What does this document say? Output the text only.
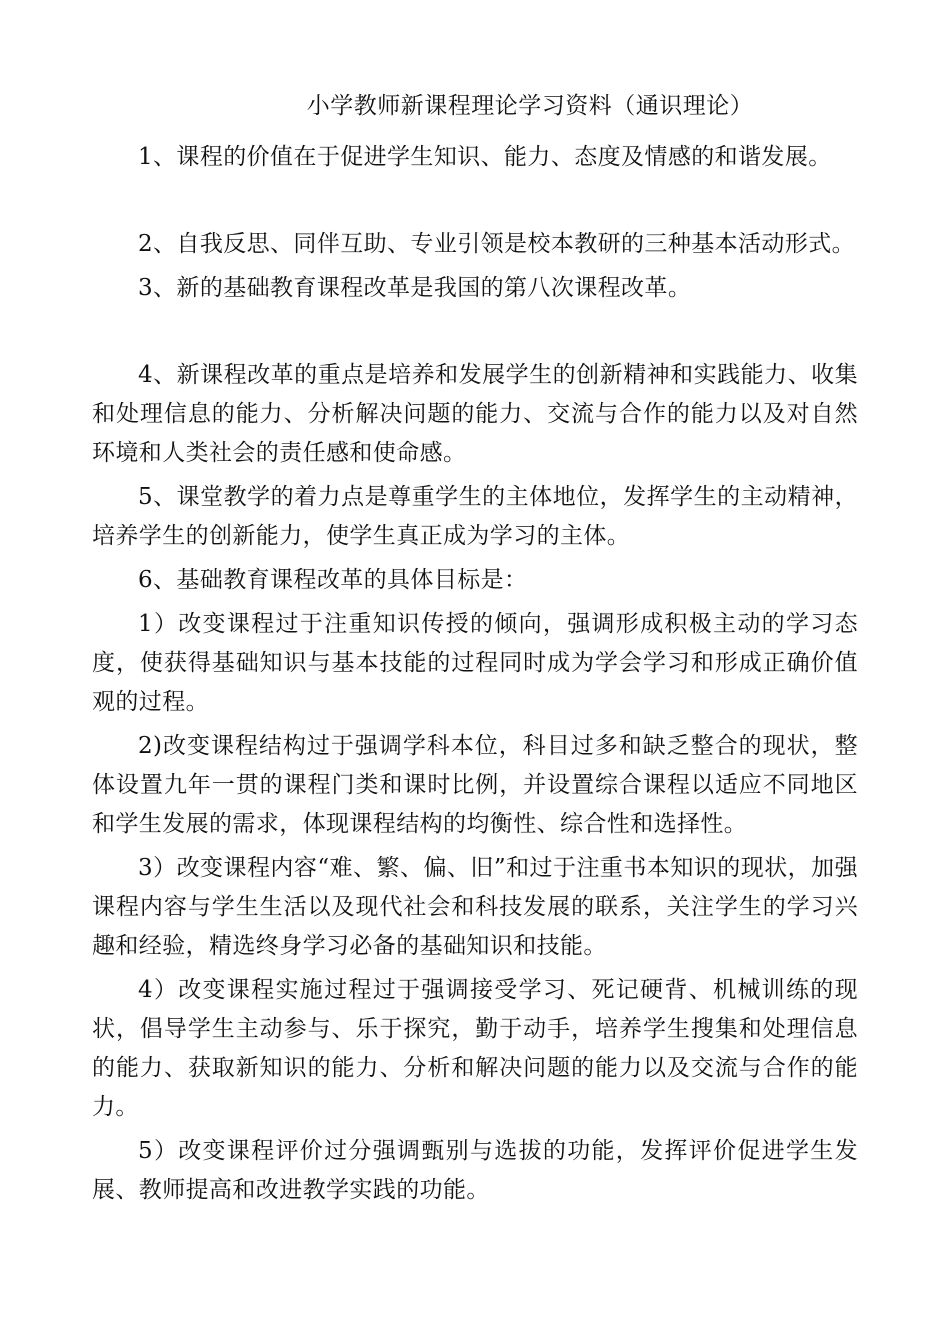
小学教师新课程理论学习资料（通识理论）

1、课程的价值在于促进学生知识、能力、态度及情感的和谐发展。

2、自我反思、同伴互助、专业引领是校本教研的三种基本活动形式。

3、新的基础教育课程改革是我国的第八次课程改革。

4、新课程改革的重点是培养和发展学生的创新精神和实践能力、收集和处理信息的能力、分析解决问题的能力、交流与合作的能力以及对自然环境和人类社会的责任感和使命感。

5、课堂教学的着力点是尊重学生的主体地位，发挥学生的主动精神，培养学生的创新能力，使学生真正成为学习的主体。

6、基础教育课程改革的具体目标是：

1）改变课程过于注重知识传授的倾向，强调形成积极主动的学习态度，使获得基础知识与基本技能的过程同时成为学会学习和形成正确价值观的过程。

2)改变课程结构过于强调学科本位，科目过多和缺乏整合的现状，整体设置九年一贯的课程门类和课时比例，并设置综合课程以适应不同地区和学生发展的需求，体现课程结构的均衡性、综合性和选择性。

3）改变课程内容“难、繁、偏、旧”和过于注重书本知识的现状，加强课程内容与学生生活以及现代社会和科技发展的联系，关注学生的学习兴趣和经验，精选终身学习必备的基础知识和技能。

4）改变课程实施过程过于强调接受学习、死记硬背、机械训练的现状，倡导学生主动参与、乐于探究，勤于动手，培养学生搜集和处理信息的能力、获取新知识的能力、分析和解决问题的能力以及交流与合作的能力。

5）改变课程评价过分强调甄别与选拔的功能，发挥评价促进学生发展、教师提高和改进教学实践的功能。
